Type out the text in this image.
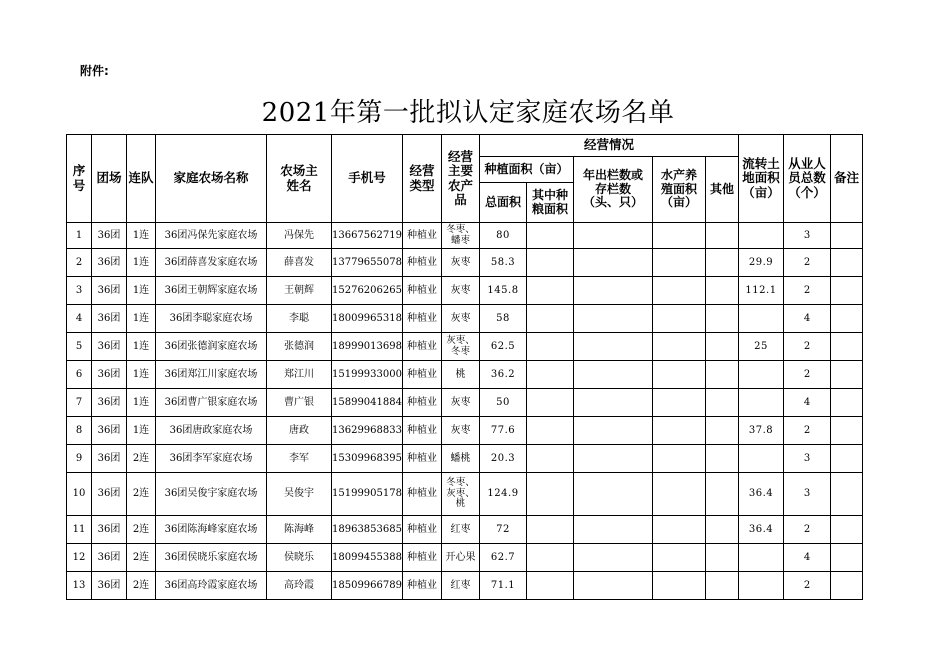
附件:
2021年第一批拟认定家庭农场名单
序号	团场	连队	家庭农场名称	农场主姓名	手机号	经营类型	经营主要农产品	经营情况					流转土地面积（亩）	从业人员总数（个）	备注
								种植面积（亩）		年出栏数或存栏数（头、只）	水产养殖面积（亩）	其他			
								总面积	其中种粮面积						
1	36团	1连	36团冯保先家庭农场	冯保先	13667562719	种植业	冬枣、蟠枣	80						3	
2	36团	1连	36团薛喜发家庭农场	薛喜发	13779655078	种植业	灰枣	58.3					29.9	2	
3	36团	1连	36团王朝辉家庭农场	王朝辉	15276206265	种植业	灰枣	145.8					112.1	2	
4	36团	1连	36团李聪家庭农场	李聪	18009965318	种植业	灰枣	58						4	
5	36团	1连	36团张德润家庭农场	张德润	18999013698	种植业	灰枣、冬枣	62.5					25	2	
6	36团	1连	36团郑江川家庭农场	郑江川	15199933000	种植业	桃	36.2						2	
7	36团	1连	36团曹广银家庭农场	曹广银	15899041884	种植业	灰枣	50						4	
8	36团	1连	36团唐政家庭农场	唐政	13629968833	种植业	灰枣	77.6					37.8	2	
9	36团	2连	36团李军家庭农场	李军	15309968395	种植业	蟠桃	20.3						3	
10	36团	2连	36团吴俊宇家庭农场	吴俊宇	15199905178	种植业	冬枣、灰枣、桃	124.9					36.4	3	
11	36团	2连	36团陈海峰家庭农场	陈海峰	18963853685	种植业	红枣	72					36.4	2	
12	36团	2连	36团侯晓乐家庭农场	侯晓乐	18099455388	种植业	开心果	62.7						4	
13	36团	2连	36团高玲霞家庭农场	高玲霞	18509966789	种植业	红枣	71.1						2	
